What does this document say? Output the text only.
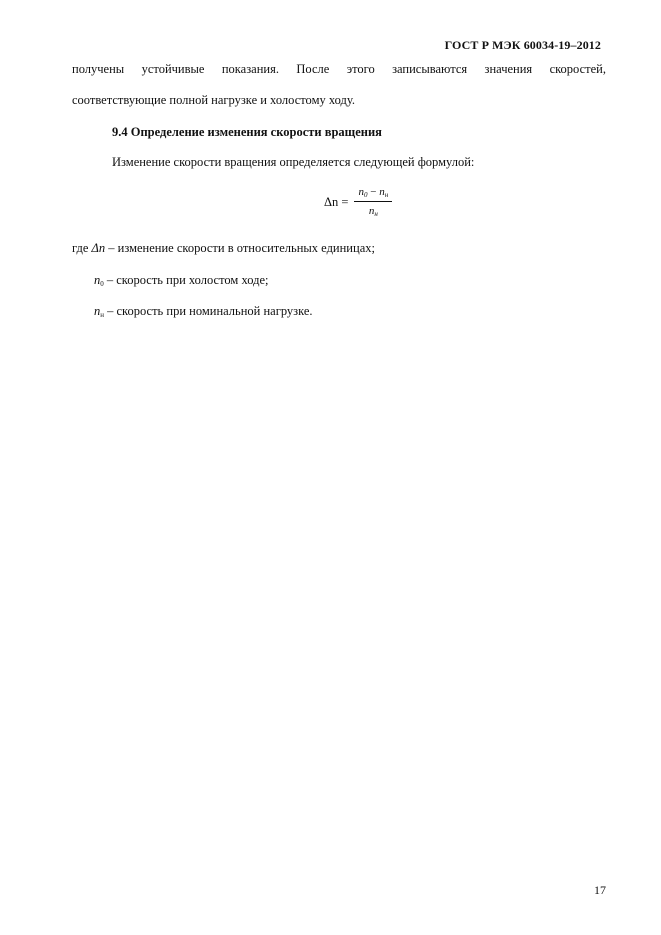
ГОСТ Р МЭК 60034-19–2012
получены устойчивые показания. После этого записываются значения скоростей,
соответствующие полной нагрузке и холостому ходу.
9.4 Определение изменения скорости вращения
Изменение скорости вращения определяется следующей формулой:
$\Delta n = \frac{n_0 - n_н}{n_н}$
где Δn – изменение скорости в относительных единицах;
$n_0$ – скорость при холостом ходе;
$n_н$ – скорость при номинальной нагрузке.
17
